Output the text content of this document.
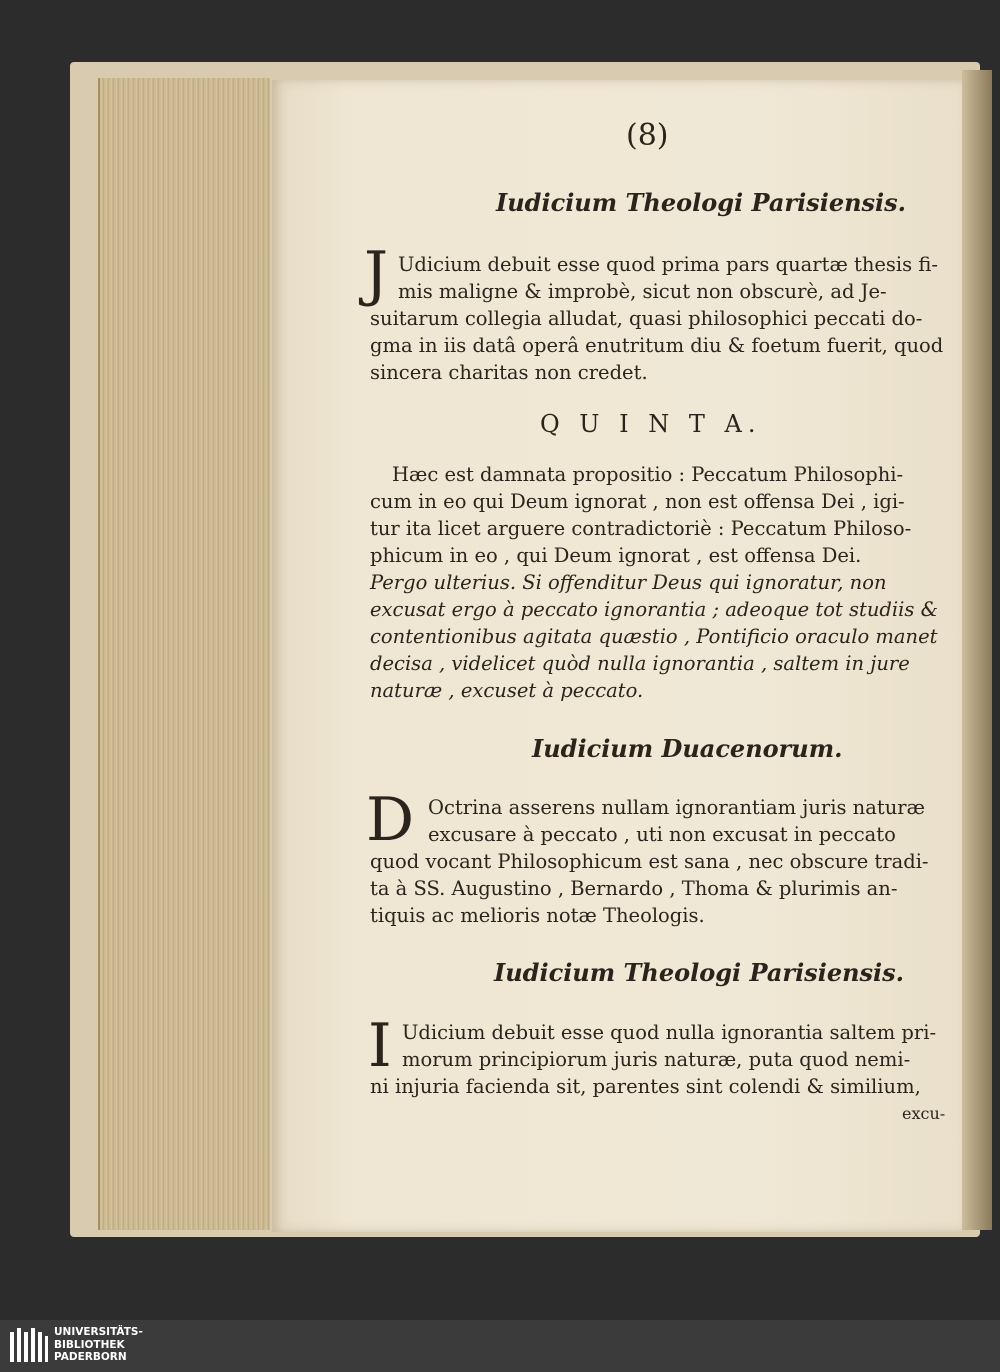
(8)
Iudicium Theologi Parisiensis.
J Udicium debuit esse quod prima pars quartæ thesis fi-
mis maligne & improbè, sicut non obscurè, ad Je-
suitarum collegia alludat, quasi philosophici peccati do-
gma in iis datâ operâ enutritum diu & foetum fuerit, quod
sincera charitas non credet.
Q U I N T A.
Hæc est damnata propositio : Peccatum Philosophi-
cum in eo qui Deum ignorat , non est offensa Dei , igi-
tur ita licet arguere contradictoriè : Peccatum Philoso-
phicum in eo , qui Deum ignorat , est offensa Dei.
Pergo ulterius. Si offenditur Deus qui ignoratur, non
excusat ergo à peccato ignorantia ; adeoque tot studiis &
contentionibus agitata quæstio , Pontificio oraculo manet
decisa , videlicet quòd nulla ignorantia , saltem in jure
naturæ , excuset à peccato.
Iudicium Duacenorum.
D Octrina asserens nullam ignorantiam juris naturæ
excusare à peccato , uti non excusat in peccato
quod vocant Philosophicum est sana , nec obscure tradi-
ta à SS. Augustino , Bernardo , Thoma & plurimis an-
tiquis ac melioris notæ Theologis.
Iudicium Theologi Parisiensis.
I Udicium debuit esse quod nulla ignorantia saltem pri-
morum principiorum juris naturæ, puta quod nemi-
ni injuria facienda sit, parentes sint colendi & similium,
excu-
UNIVERSITÄTS-
BIBLIOTHEK
PADERBORN
